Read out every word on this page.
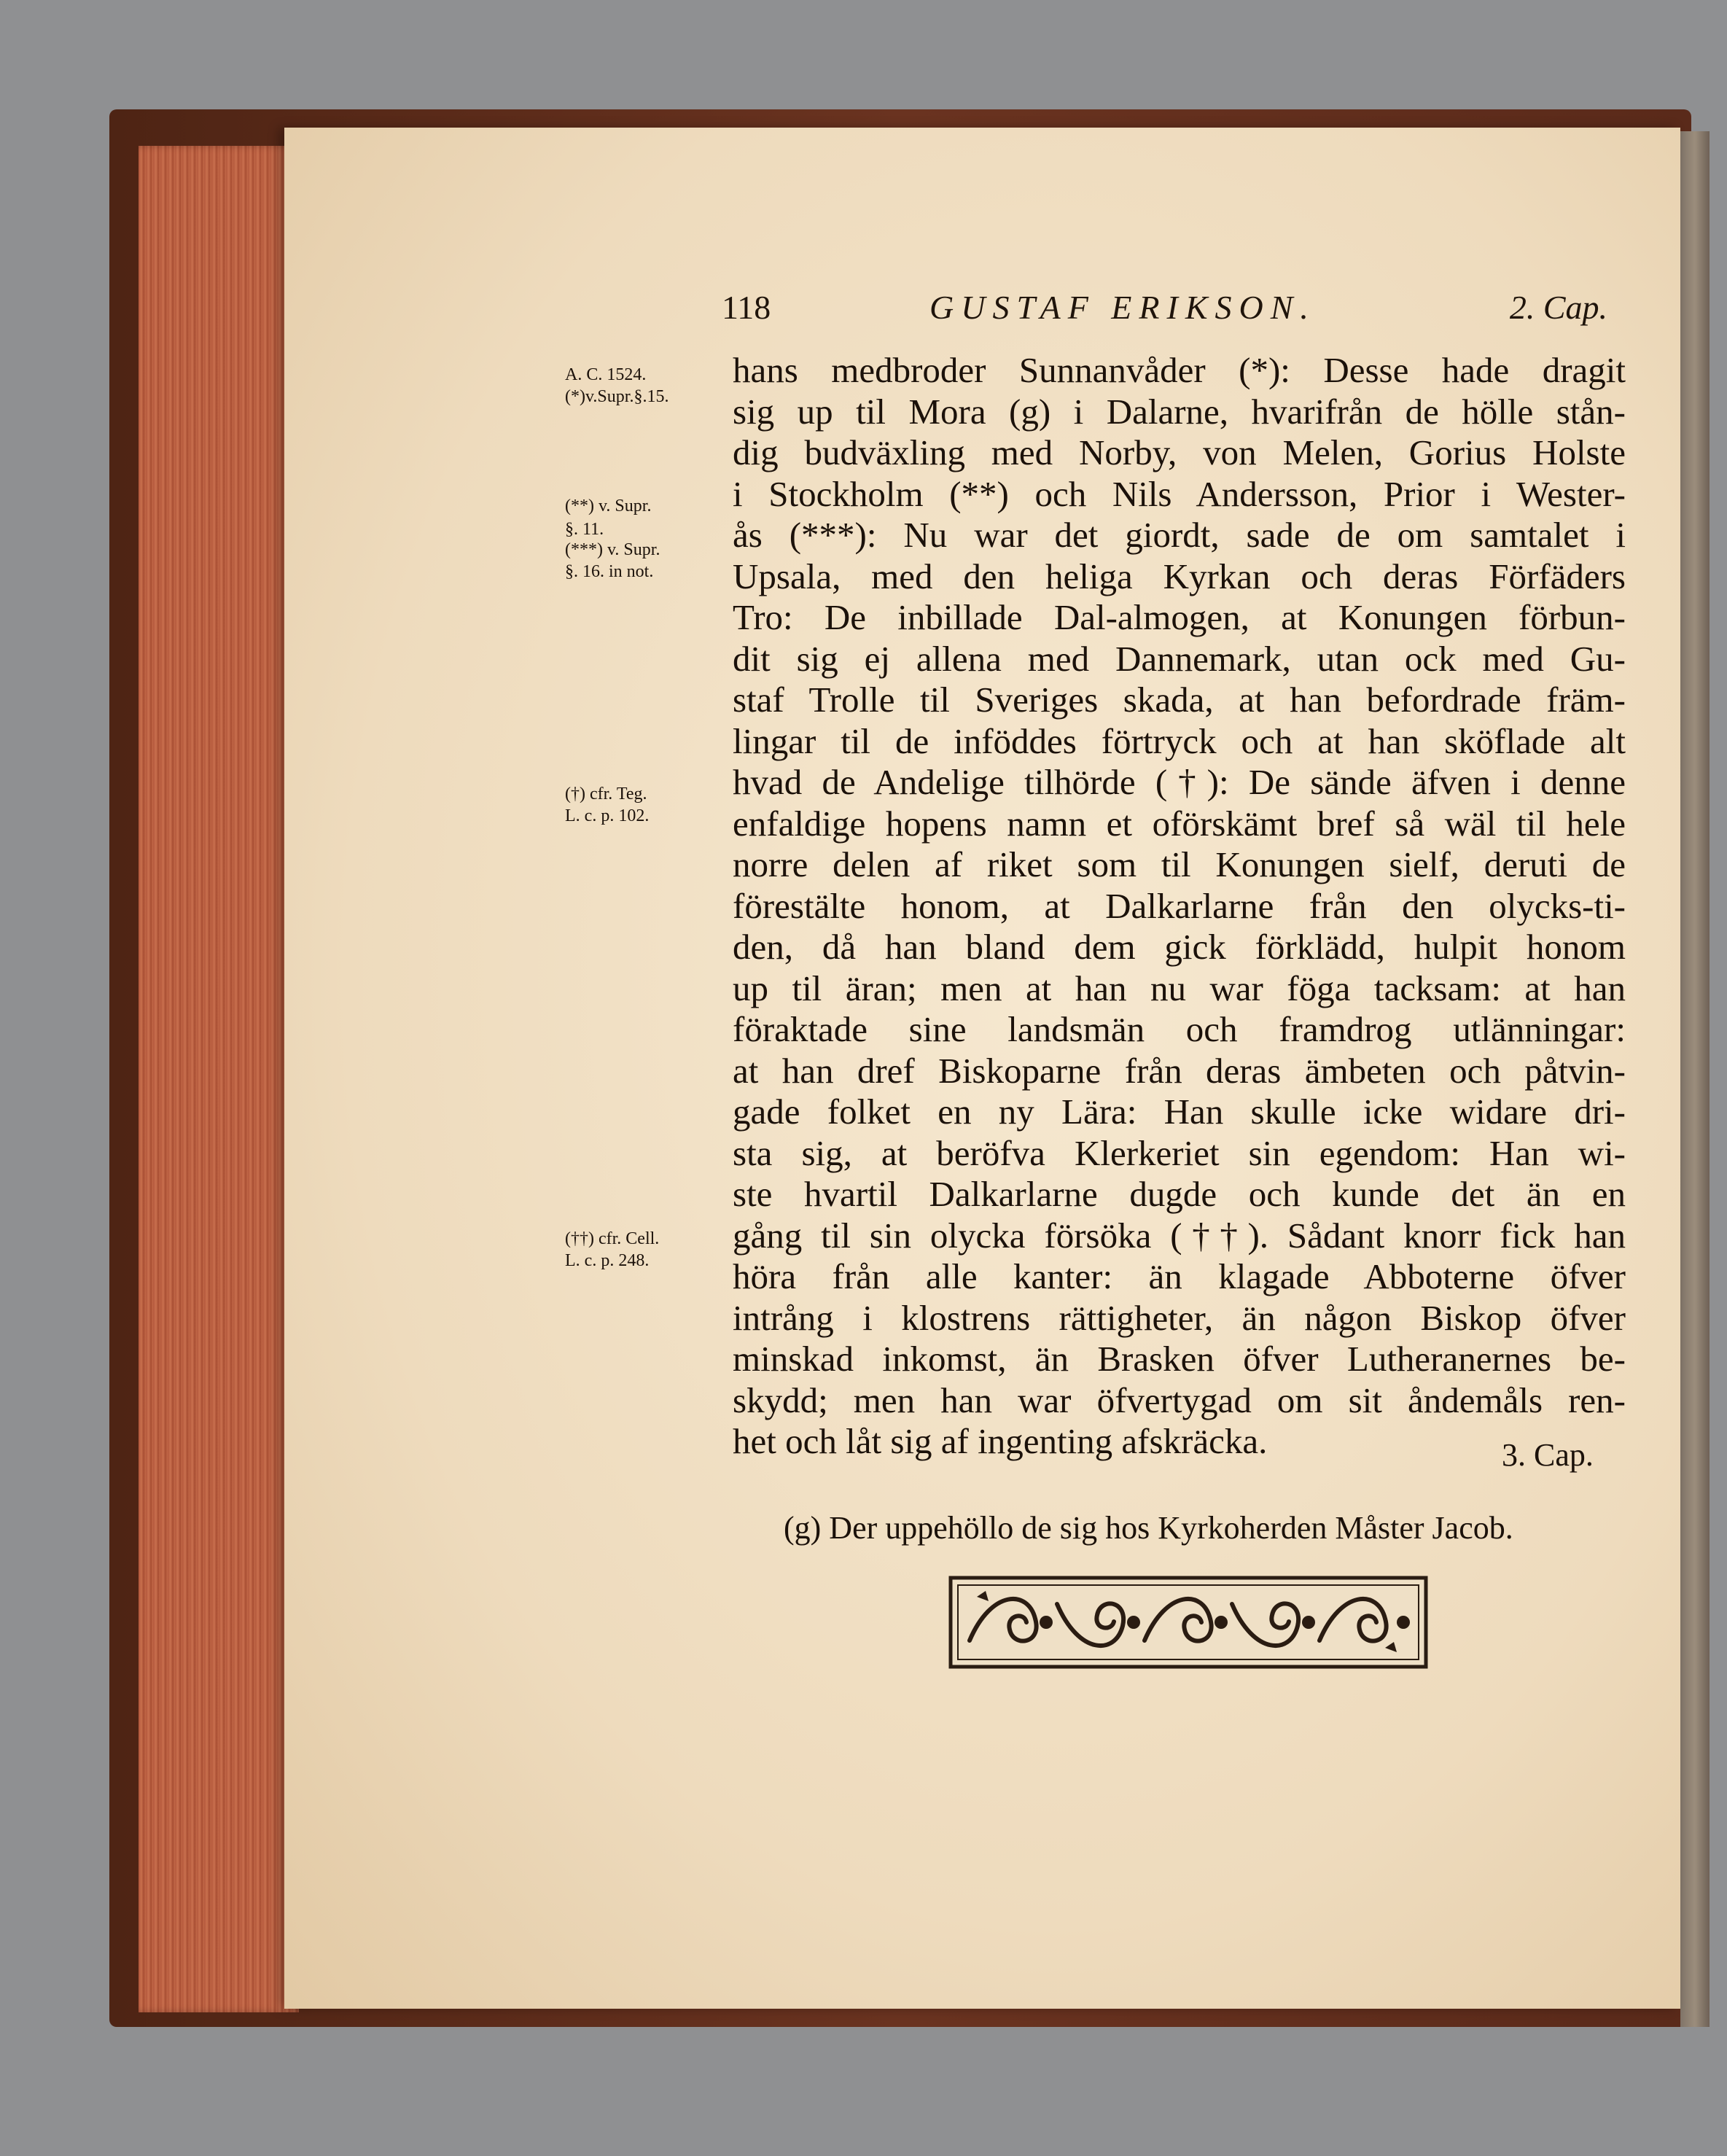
118	GUSTAF ERIKSON.	2. Cap.
A. C. 1524.
(*)v.Supr.§.15.
(**) v. Supr.
§. 11.
(***) v. Supr.
§. 16. in not.
(†) cfr. Teg.
L. c. p. 102.
(††) cfr. Cell.
L. c. p. 248.
hans medbroder Sunnanvåder (*): Desse hade dragit
sig up til Mora (g) i Dalarne, hvarifrån de hölle stån-
dig budväxling med Norby, von Melen, Gorius Holste
i Stockholm (**) och Nils Andersson, Prior i Wester-
ås (***): Nu war det giordt, sade de om samtalet i
Upsala, med den heliga Kyrkan och deras Förfäders
Tro: De inbillade Dal-almogen, at Konungen förbun-
dit sig ej allena med Dannemark, utan ock med Gu-
staf Trolle til Sveriges skada, at han befordrade främ-
lingar til de inföddes förtryck och at han sköflade alt
hvad de Andelige tilhörde (†): De sände äfven i denne
enfaldige hopens namn et oförskämt bref så wäl til hele
norre delen af riket som til Konungen sielf, deruti de
förestälte honom, at Dalkarlarne från den olycks-ti-
den, då han bland dem gick förklädd, hulpit honom
up til äran; men at han nu war föga tacksam: at han
föraktade sine landsmän och framdrog utlänningar:
at han dref Biskoparne från deras ämbeten och påtvin-
gade folket en ny Lära: Han skulle icke widare dri-
sta sig, at beröfva Klerkeriet sin egendom: Han wi-
ste hvartil Dalkarlarne dugde och kunde det än en
gång til sin olycka försöka (††). Sådant knorr fick han
höra från alle kanter: än klagade Abboterne öfver
intrång i klostrens rättigheter, än någon Biskop öfver
minskad inkomst, än Brasken öfver Lutheranernes be-
skydd; men han war öfvertygad om sit åndemåls ren-
het och låt sig af ingenting afskräcka.	3. Cap.
(g) Der uppehöllo de sig hos Kyrkoherden Måster Jacob.
